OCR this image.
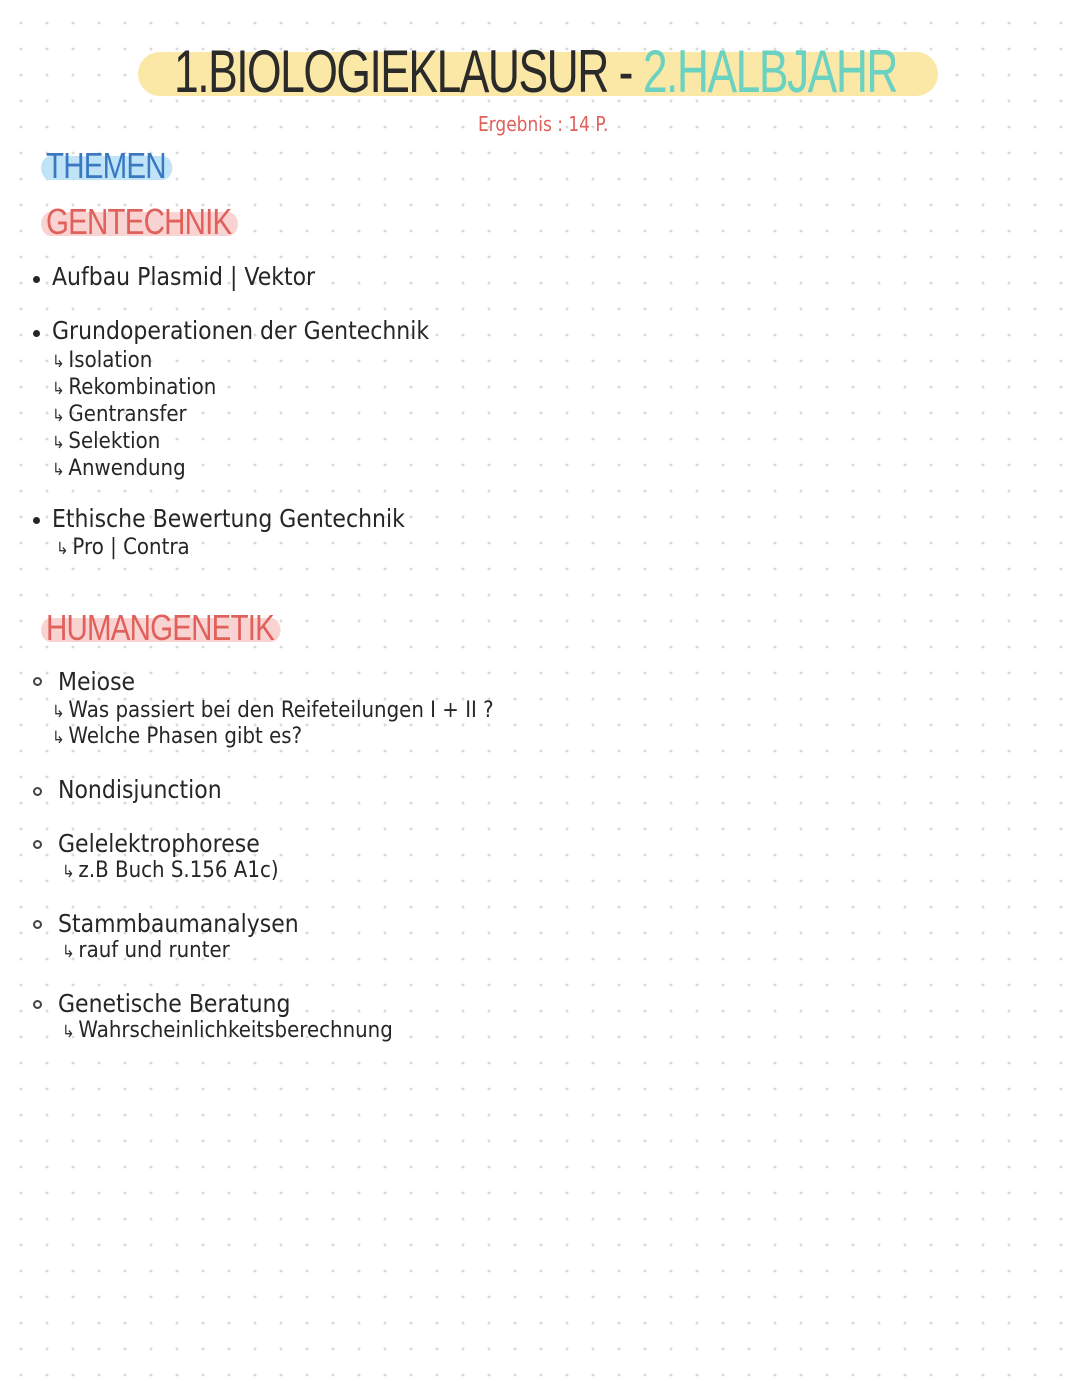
1.BIOLOGIEKLAUSUR - 2.HALBJAHR
Ergebnis : 14 P.
THEMEN
GENTECHNIK
Aufbau Plasmid | Vektor
Grundoperationen der Gentechnik
↳ Isolation
↳ Rekombination
↳ Gentransfer
↳ Selektion
↳ Anwendung
Ethische Bewertung Gentechnik
↳ Pro | Contra
HUMANGENETIK
Meiose
↳ Was passiert bei den Reifeteilungen I + II ?
↳ Welche Phasen gibt es?
Nondisjunction
Gelelektrophorese
↳ z.B Buch S.156 A1c)
Stammbaumanalysen
↳ rauf und runter
Genetische Beratung
↳ Wahrscheinlichkeitsberechnung
